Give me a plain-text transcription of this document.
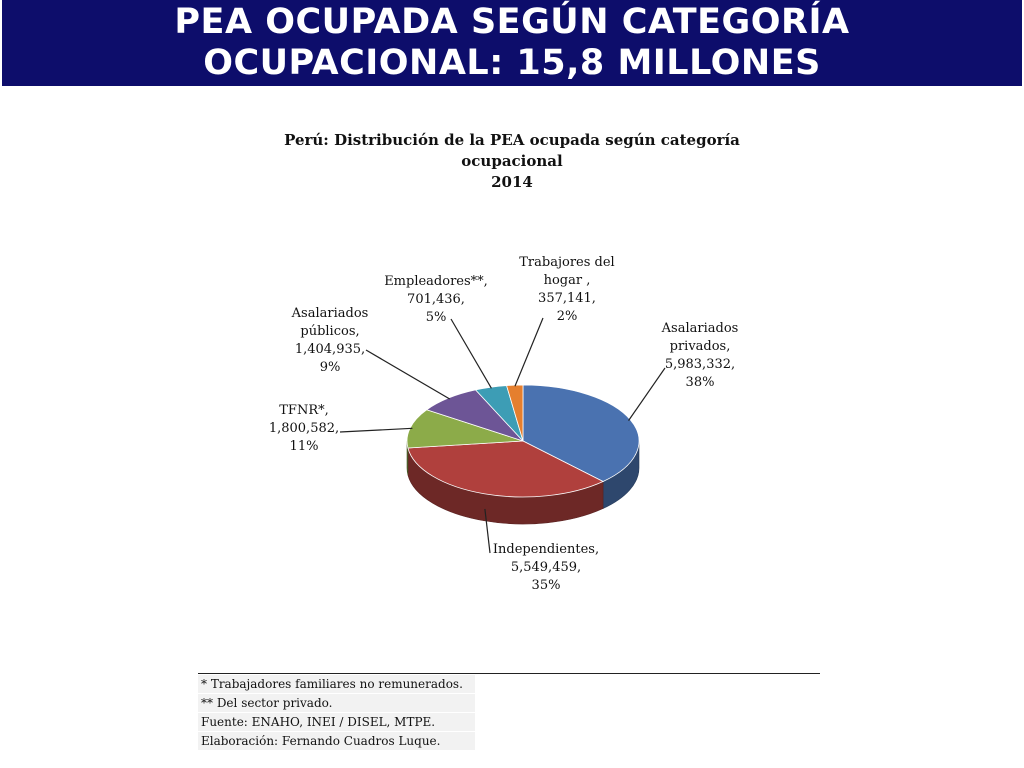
PEA OCUPADA SEGÚN CATEGORÍA
OCUPACIONAL: 15,8 MILLONES
Perú: Distribución de la PEA ocupada según categoría ocupacional
2014
Asalariados privados, 5,983,332, 38%
Independientes, 5,549,459, 35%
TFNR*, 1,800,582, 11%
Asalariados públicos, 1,404,935, 9%
Empleadores**, 701,436, 5%
Trabajores del hogar , 357,141, 2%
* Trabajadores familiares no remunerados.
** Del sector privado.
Fuente: ENAHO, INEI / DISEL, MTPE.
Elaboración: Fernando Cuadros Luque.
